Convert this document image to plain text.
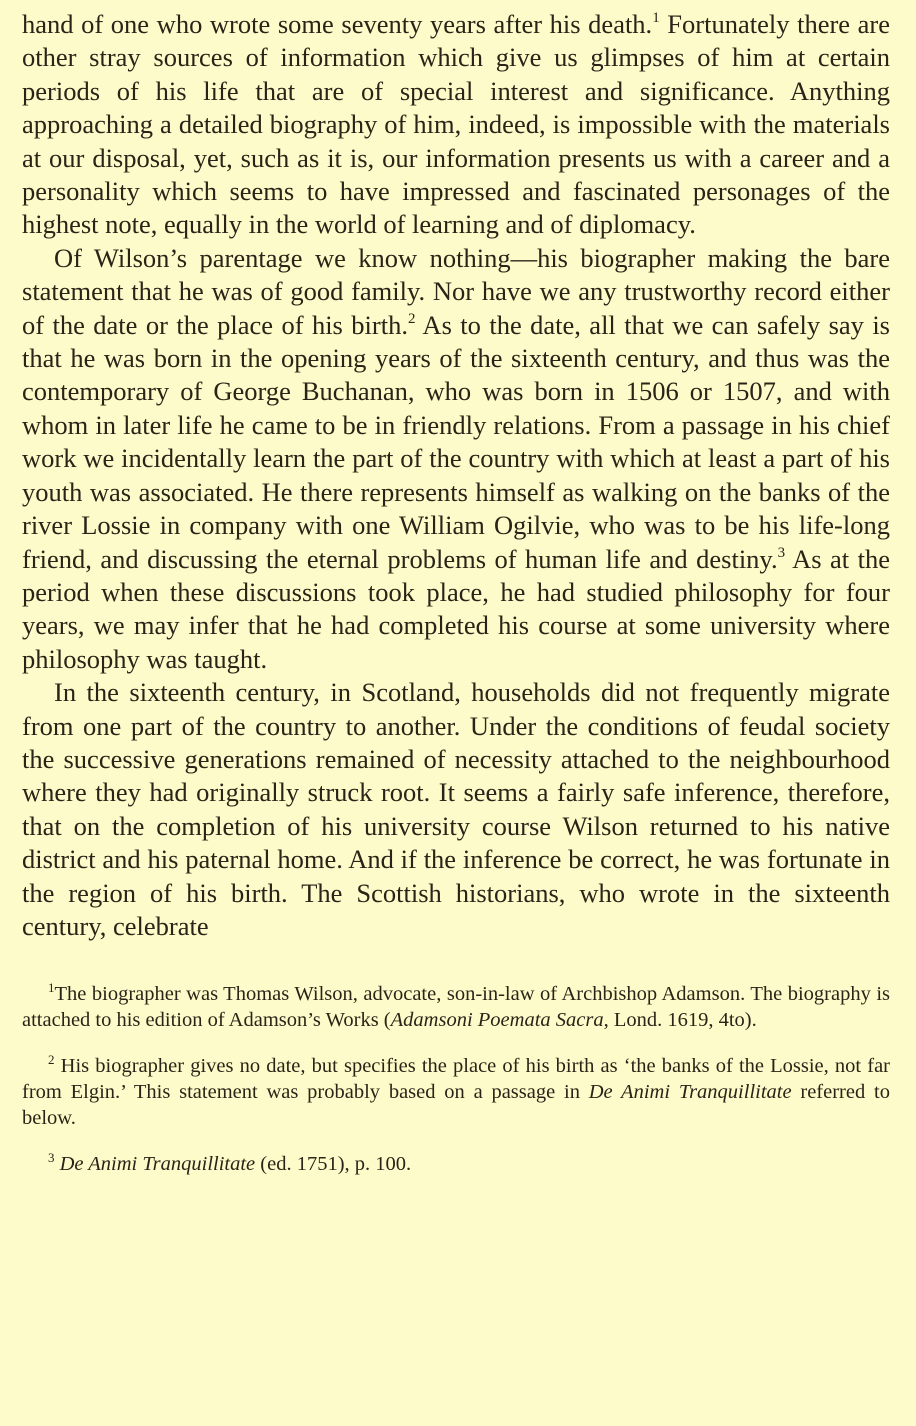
hand of one who wrote some seventy years after his death.$^1$ Fortunately there are other stray sources of information which give us glimpses of him at certain periods of his life that are of special interest and significance. Anything approaching a detailed biography of him, indeed, is impossible with the materials at our disposal, yet, such as it is, our information presents us with a career and a personality which seems to have impressed and fascinated personages of the highest note, equally in the world of learning and of diplomacy.

Of Wilson’s parentage we know nothing—his biographer making the bare statement that he was of good family. Nor have we any trustworthy record either of the date or the place of his birth.$^2$ As to the date, all that we can safely say is that he was born in the opening years of the sixteenth century, and thus was the contemporary of George Buchanan, who was born in 1506 or 1507, and with whom in later life he came to be in friendly relations. From a passage in his chief work we incidentally learn the part of the country with which at least a part of his youth was associated. He there represents himself as walking on the banks of the river Lossie in company with one William Ogilvie, who was to be his life-long friend, and discussing the eternal problems of human life and destiny.$^3$ As at the period when these discussions took place, he had studied philosophy for four years, we may infer that he had completed his course at some university where philosophy was taught.

In the sixteenth century, in Scotland, households did not frequently migrate from one part of the country to another. Under the conditions of feudal society the successive generations remained of necessity attached to the neighbourhood where they had originally struck root. It seems a fairly safe inference, therefore, that on the completion of his university course Wilson returned to his native district and his paternal home. And if the inference be correct, he was fortunate in the region of his birth. The Scottish historians, who wrote in the sixteenth century, celebrate

$^1$The biographer was Thomas Wilson, advocate, son-in-law of Archbishop Adamson. The biography is attached to his edition of Adamson’s Works (Adamsoni Poemata Sacra, Lond. 1619, 4to).

$^2$ His biographer gives no date, but specifies the place of his birth as ‘the banks of the Lossie, not far from Elgin.’ This statement was probably based on a passage in De Animi Tranquillitate referred to below.

$^3$ De Animi Tranquillitate (ed. 1751), p. 100.
